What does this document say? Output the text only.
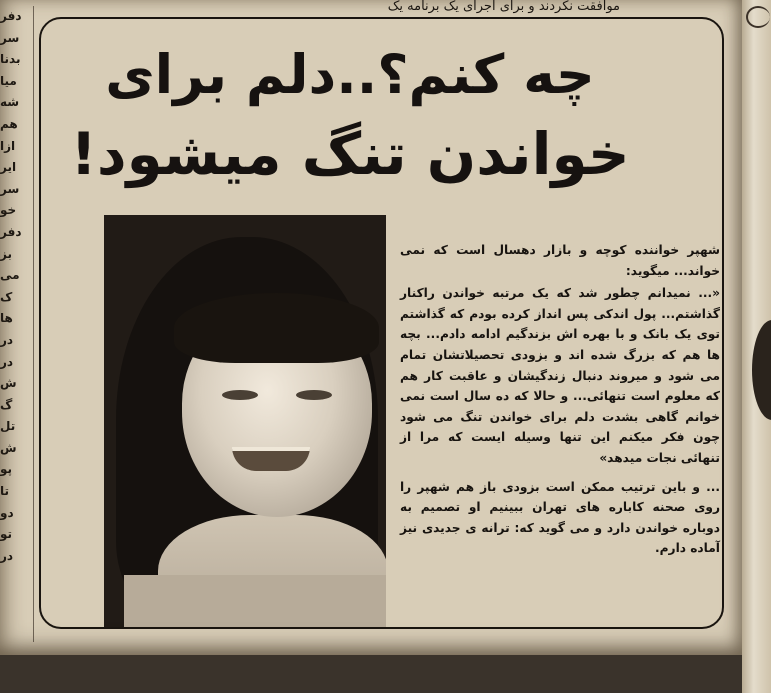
موافقت نکردند و برای اجرای یک برنامه یک
دفر
سر
بدنا
میا
شه
هم
ازا
ایر
سر
خو
دفر
بز
می
ک
ها
در
در
ش
گ
تل
ش
پو
تا
دو
تو
در
چه کنم؟..دلم برای
خواندن تنگ میشود!

شهپر خواننده کوچه و بازار دهسال است که نمی خواند... میگوید:

«... نمیدانم چطور شد که یک مرتبه خواندن راکنار گذاشتم... پول اندکی پس انداز کرده بودم که گذاشتم توی یک بانک و با بهره اش بزندگیم ادامه دادم... بچه ها هم که بزرگ شده اند و بزودی تحصیلاتشان تمام می شود و میروند دنبال زندگیشان و عاقبت کار هم که معلوم است تنهائی... و حالا که ده سال است نمی خوانم گاهی بشدت دلم برای خواندن تنگ می شود چون فکر میکنم این تنها وسیله ایست که مرا از تنهائی نجات میدهد»

... و باین ترتیب ممکن است بزودی باز هم شهپر را روی صحنه کاباره های تهران ببینیم او تصمیم به دوباره خواندن دارد و می گوید که: ترانه ی جدیدی نیز آماده دارم.
